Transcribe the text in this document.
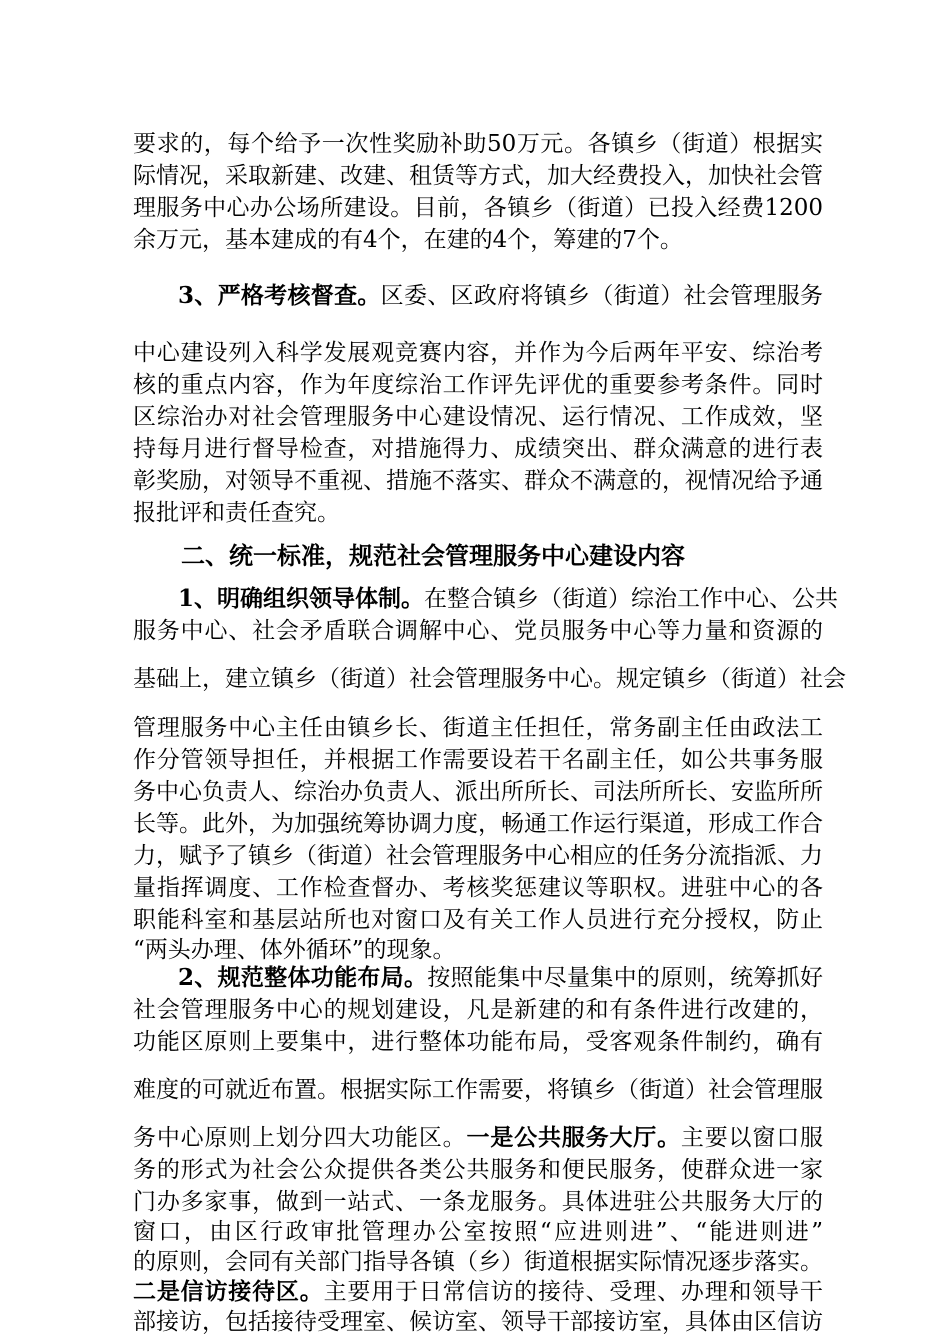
要求的，每个给予一次性奖励补助50万元。各镇乡（街道）根据实
际情况，采取新建、改建、租赁等方式，加大经费投入，加快社会管
理服务中心办公场所建设。目前，各镇乡（街道）已投入经费1200
余万元，基本建成的有4个，在建的4个，筹建的7个。
3、严格考核督查。区委、区政府将镇乡（街道）社会管理服务
中心建设列入科学发展观竞赛内容，并作为今后两年平安、综治考
核的重点内容，作为年度综治工作评先评优的重要参考条件。同时
区综治办对社会管理服务中心建设情况、运行情况、工作成效，坚
持每月进行督导检查，对措施得力、成绩突出、群众满意的进行表
彰奖励，对领导不重视、措施不落实、群众不满意的，视情况给予通
报批评和责任查究。
二、统一标准，规范社会管理服务中心建设内容
1、明确组织领导体制。在整合镇乡（街道）综治工作中心、公共
服务中心、社会矛盾联合调解中心、党员服务中心等力量和资源的
基础上，建立镇乡（街道）社会管理服务中心。规定镇乡（街道）社会
管理服务中心主任由镇乡长、街道主任担任，常务副主任由政法工
作分管领导担任，并根据工作需要设若干名副主任，如公共事务服
务中心负责人、综治办负责人、派出所所长、司法所所长、安监所所
长等。此外，为加强统筹协调力度，畅通工作运行渠道，形成工作合
力，赋予了镇乡（街道）社会管理服务中心相应的任务分流指派、力
量指挥调度、工作检查督办、考核奖惩建议等职权。进驻中心的各
职能科室和基层站所也对窗口及有关工作人员进行充分授权，防止
“两头办理、体外循环”的现象。
2、规范整体功能布局。按照能集中尽量集中的原则，统筹抓好
社会管理服务中心的规划建设，凡是新建的和有条件进行改建的，
功能区原则上要集中，进行整体功能布局，受客观条件制约，确有
难度的可就近布置。根据实际工作需要，将镇乡（街道）社会管理服
务中心原则上划分四大功能区。一是公共服务大厅。主要以窗口服
务的形式为社会公众提供各类公共服务和便民服务，使群众进一家
门办多家事，做到一站式、一条龙服务。具体进驻公共服务大厅的
窗口，由区行政审批管理办公室按照“应进则进”、“能进则进”
的原则，会同有关部门指导各镇（乡）街道根据实际情况逐步落实。
二是信访接待区。主要用于日常信访的接待、受理、办理和领导干
部接访，包括接待受理室、候访室、领导干部接访室，具体由区信访
